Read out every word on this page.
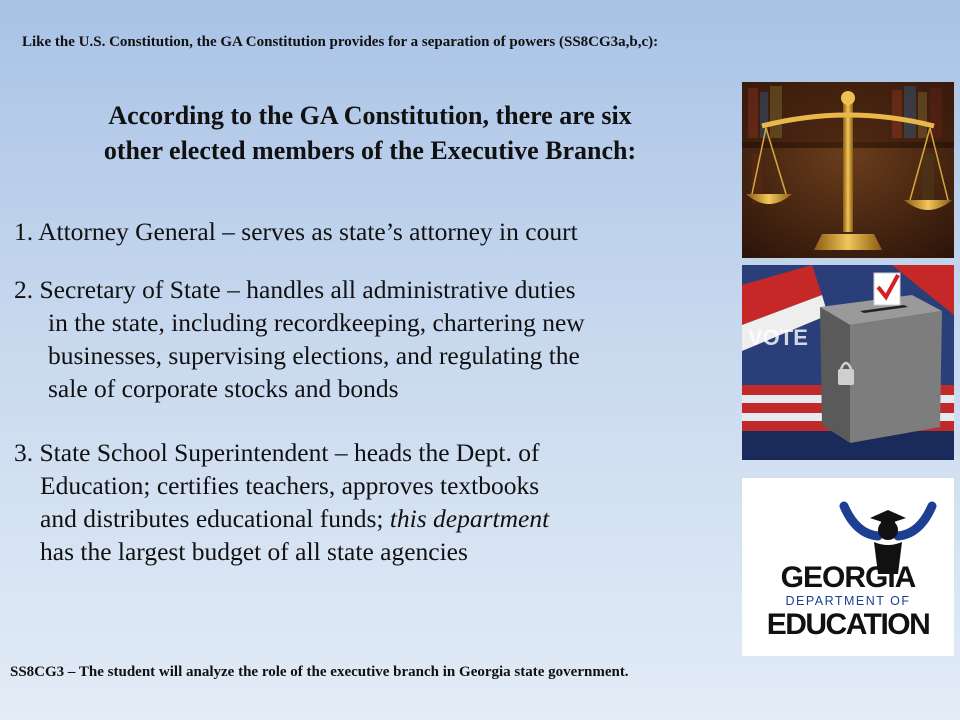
Like the U.S. Constitution, the GA Constitution provides for a separation of powers (SS8CG3a,b,c):
According to the GA Constitution, there are six
other elected members of the Executive Branch:
1. Attorney General – serves as state’s attorney in court
2. Secretary of State – handles all administrative duties
in the state, including recordkeeping, chartering new
businesses, supervising elections, and regulating the
sale of corporate stocks and bonds
3. State School Superintendent – heads the Dept. of
Education; certifies teachers, approves textbooks
and distributes educational funds; this department
has the largest budget of all state agencies
SS8CG3 – The student will analyze the role of the executive branch in Georgia state government.
VOTE
GEORGIA
DEPARTMENT OF
EDUCATION
